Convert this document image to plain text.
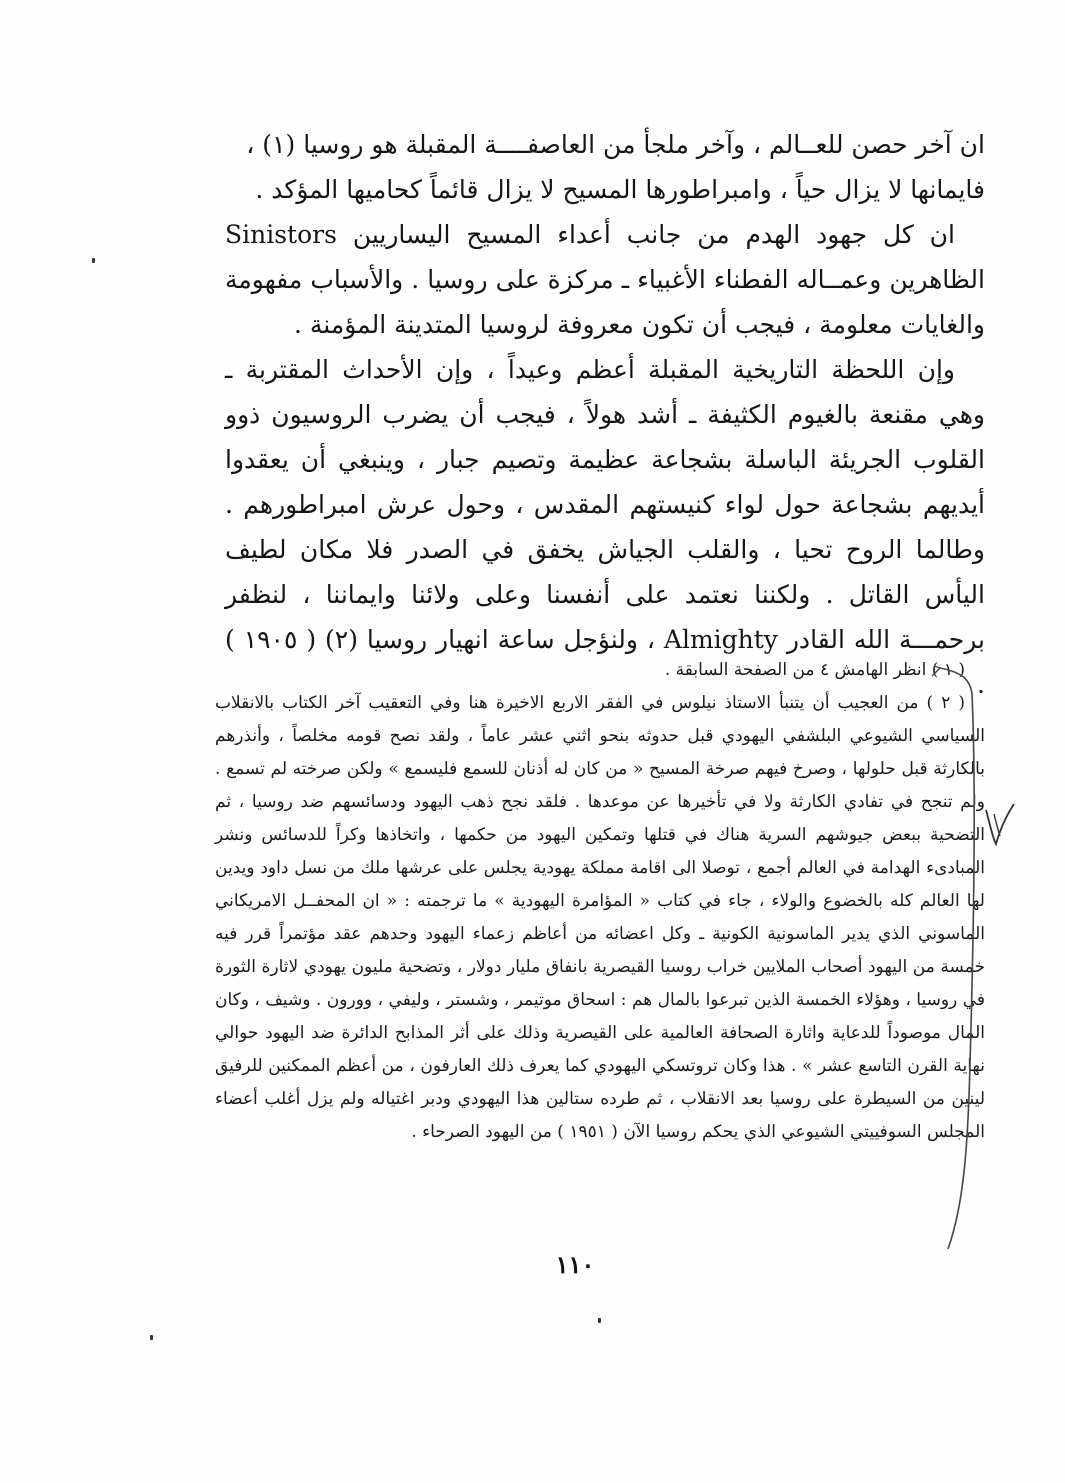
ان آخر حصن للعــالم ، وآخر ملجأ من العاصفــــة المقبلة هو روسيا (١) ،

فايمانها لا يزال حياً ، وامبراطورها المسيح لا يزال قائماً كحاميها المؤكد .

ان كل جهود الهدم من جانب أعداء المسيح اليساريين Sinistors الظاهرين وعمــاله الفطناء الأغبياء ـ مركزة على روسيا . والأسباب مفهومة والغايات معلومة ، فيجب أن تكون معروفة لروسيا المتدينة المؤمنة .

وإن اللحظة التاريخية المقبلة أعظم وعيداً ، وإن الأحداث المقتربة ـ وهي مقنعة بالغيوم الكثيفة ـ أشد هولاً ، فيجب أن يضرب الروسيون ذوو القلوب الجريئة الباسلة بشجاعة عظيمة وتصيم جبار ، وينبغي أن يعقدوا أيديهم بشجاعة حول لواء كنيستهم المقدس ، وحول عرش امبراطورهم . وطالما الروح تحيا ، والقلب الجياش يخفق في الصدر فلا مكان لطيف اليأس القاتل . ولكننا نعتمد على أنفسنا وعلى ولائنا وايماننا ، لنظفر برحمـــة الله القادر Almighty ، ولنؤجل ساعة انهيار روسيا (٢) ( ١٩٠٥ ) .

( ١ ) انظر الهامش ٤ من الصفحة السابقة .

( ٢ ) من العجيب أن يتنبأ الاستاذ نيلوس في الفقر الاربع الاخيرة هنا وفي التعقيب آخر الكتاب بالانقلاب السياسي الشيوعي البلشفي اليهودي قبل حدوثه بنحو اثني عشر عاماً ، ولقد نصح قومه مخلصاً ، وأنذرهم بالكارثة قبل حلولها ، وصرخ فيهم صرخة المسيح « من كان له أذنان للسمع فليسمع » ولكن صرخته لم تسمع . ولم تنجح في تفادي الكارثة ولا في تأخيرها عن موعدها . فلقد نجح ذهب اليهود ودسائسهم ضد روسيا ، ثم التضحية ببعض جيوشهم السرية هناك في قتلها وتمكين اليهود من حكمها ، واتخاذها وكراً للدسائس ونشر المبادىء الهدامة في العالم أجمع ، توصلا الى اقامة مملكة يهودية يجلس على عرشها ملك من نسل داود ويدين لها العالم كله بالخضوع والولاء ، جاء في كتاب « المؤامرة اليهودية » ما ترجمته : « ان المحفــل الامريكاني الماسوني الذي يدير الماسونية الكونية ـ وكل اعضائه من أعاظم زعماء اليهود وحدهم عقد مؤتمراً قرر فيه خمسة من اليهود أصحاب الملايين خراب روسيا القيصرية بانفاق مليار دولار ، وتضحية مليون يهودي لاثارة الثورة في روسيا ، وهؤلاء الخمسة الذين تبرعوا بالمال هم : اسحاق موتيمر ، وشستر ، وليفي ، وورون . وشيف ، وكان المال موصوداً للدعاية واثارة الصحافة العالمية على القيصرية وذلك على أثر المذابح الدائرة ضد اليهود حوالي نهاية القرن التاسع عشر » . هذا وكان تروتسكي اليهودي كما يعرف ذلك العارفون ، من أعظم الممكنين للرفيق لينين من السيطرة على روسيا بعد الانقلاب ، ثم طرده ستالين هذا اليهودي ودبر اغتياله ولم يزل أغلب أعضاء المجلس السوفييتي الشيوعي الذي يحكم روسيا الآن ( ١٩٥١ ) من اليهود الصرحاء .

١١٠
